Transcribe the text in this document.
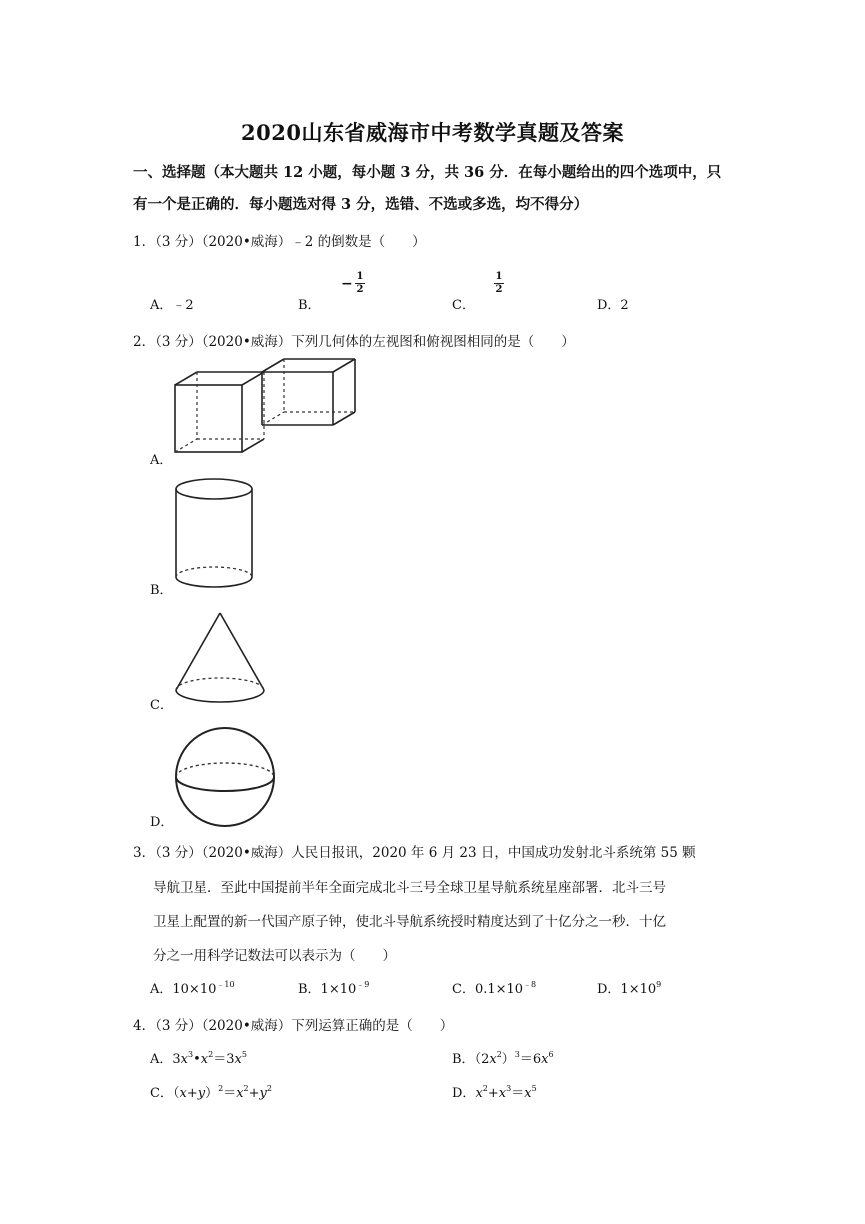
2020山东省威海市中考数学真题及答案
一、选择题（本大题共 12 小题，每小题 3 分，共 36 分．在每小题给出的四个选项中，只
有一个是正确的．每小题选对得 3 分，选错、不选或多选，均不得分）
1．（3 分）（2020•威海）﹣2 的倒数是（　　）
A．﹣2	B．
− 1
2
C．
1
2
D．2
2．（3 分）（2020•威海）下列几何体的左视图和俯视图相同的是（　　）
A．
B．
C．
D．
3．（3 分）（2020•威海）人民日报讯，2020 年 6 月 23 日，中国成功发射北斗系统第 55 颗
导航卫星．至此中国提前半年全面完成北斗三号全球卫星导航系统星座部署．北斗三号
卫星上配置的新一代国产原子钟，使北斗导航系统授时精度达到了十亿分之一秒．十亿
分之一用科学记数法可以表示为（　　）
A．$10\times 10^{﹣10}$	B．$1\times 10^{﹣9}$	C．$0.1\times 10^{﹣8}$	D．$1\times 10^9$
4．（3 分）（2020•威海）下列运算正确的是（　　）
A．$3x^3•x^2=3x^5$	B．$(2x^2)^3=6x^6$
C．$(x+y)^2=x^2+y^2$	D．$x^2+x^3=x^5$
